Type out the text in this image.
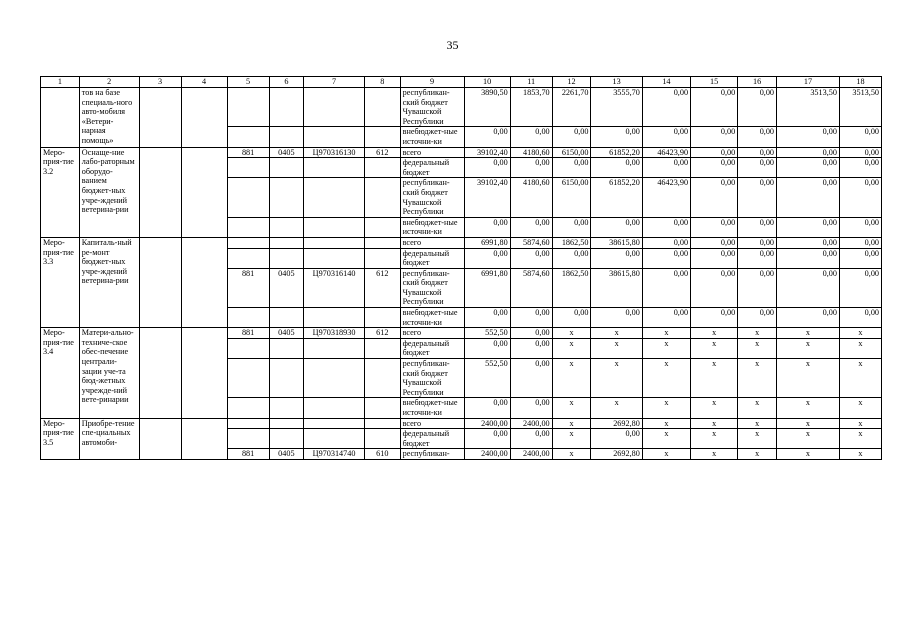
35
1	2	3	4	5	6	7	8	9	10	11	12	13	14	15	16	17	18
	тов на базе специаль-ного авто-мобиля «Ветери-нарная помощь»							республикан-ский бюджет Чувашской Республики	3890,50	1853,70	2261,70	3555,70	0,00	0,00	0,00	3513,50	3513,50
								внебюджет-ные источни-ки	0,00	0,00	0,00	0,00	0,00	0,00	0,00	0,00	0,00
Меро-прия-тие 3.2	Оснаще-ние лабо-раторным оборудо-ванием бюджет-ных учре-ждений ветерина-рии			881	0405	Ц970316130	612	всего	39102,40	4180,60	6150,00	61852,20	46423,90	0,00	0,00	0,00	0,00
								федеральный бюджет	0,00	0,00	0,00	0,00	0,00	0,00	0,00	0,00	0,00
								республикан-ский бюджет Чувашской Республики	39102,40	4180,60	6150,00	61852,20	46423,90	0,00	0,00	0,00	0,00
								внебюджет-ные источни-ки	0,00	0,00	0,00	0,00	0,00	0,00	0,00	0,00	0,00
Меро-прия-тие 3.3	Капиталь-ный ре-монт бюджет-ных учре-ждений ветерина-рии							всего	6991,80	5874,60	1862,50	38615,80	0,00	0,00	0,00	0,00	0,00
								федеральный бюджет	0,00	0,00	0,00	0,00	0,00	0,00	0,00	0,00	0,00
				881	0405	Ц970316140	612	республикан-ский бюджет Чувашской Республики	6991,80	5874,60	1862,50	38615,80	0,00	0,00	0,00	0,00	0,00
								внебюджет-ные источни-ки	0,00	0,00	0,00	0,00	0,00	0,00	0,00	0,00	0,00
Меро-прия-тие 3.4	Матери-ально-техниче-ское обес-печение централи-зации уче-та бюд-жетных учрежде-ний вете-ринарии			881	0405	Ц970318930	612	всего	552,50	0,00	х	х	х	х	х	х	х
								федеральный бюджет	0,00	0,00	х	х	х	х	х	х	х
								республикан-ский бюджет Чувашской Республики	552,50	0,00	х	х	х	х	х	х	х
								внебюджет-ные источни-ки	0,00	0,00	х	х	х	х	х	х	х
Меро-прия-тие 3.5	Приобре-тение спе-циальных автомоби-							всего	2400,00	2400,00	х	2692,80	х	х	х	х	х
								федеральный бюджет	0,00	0,00	х	0,00	х	х	х	х	х
				881	0405	Ц970314740	610	республикан-	2400,00	2400,00	х	2692,80	х	х	х	х	х
